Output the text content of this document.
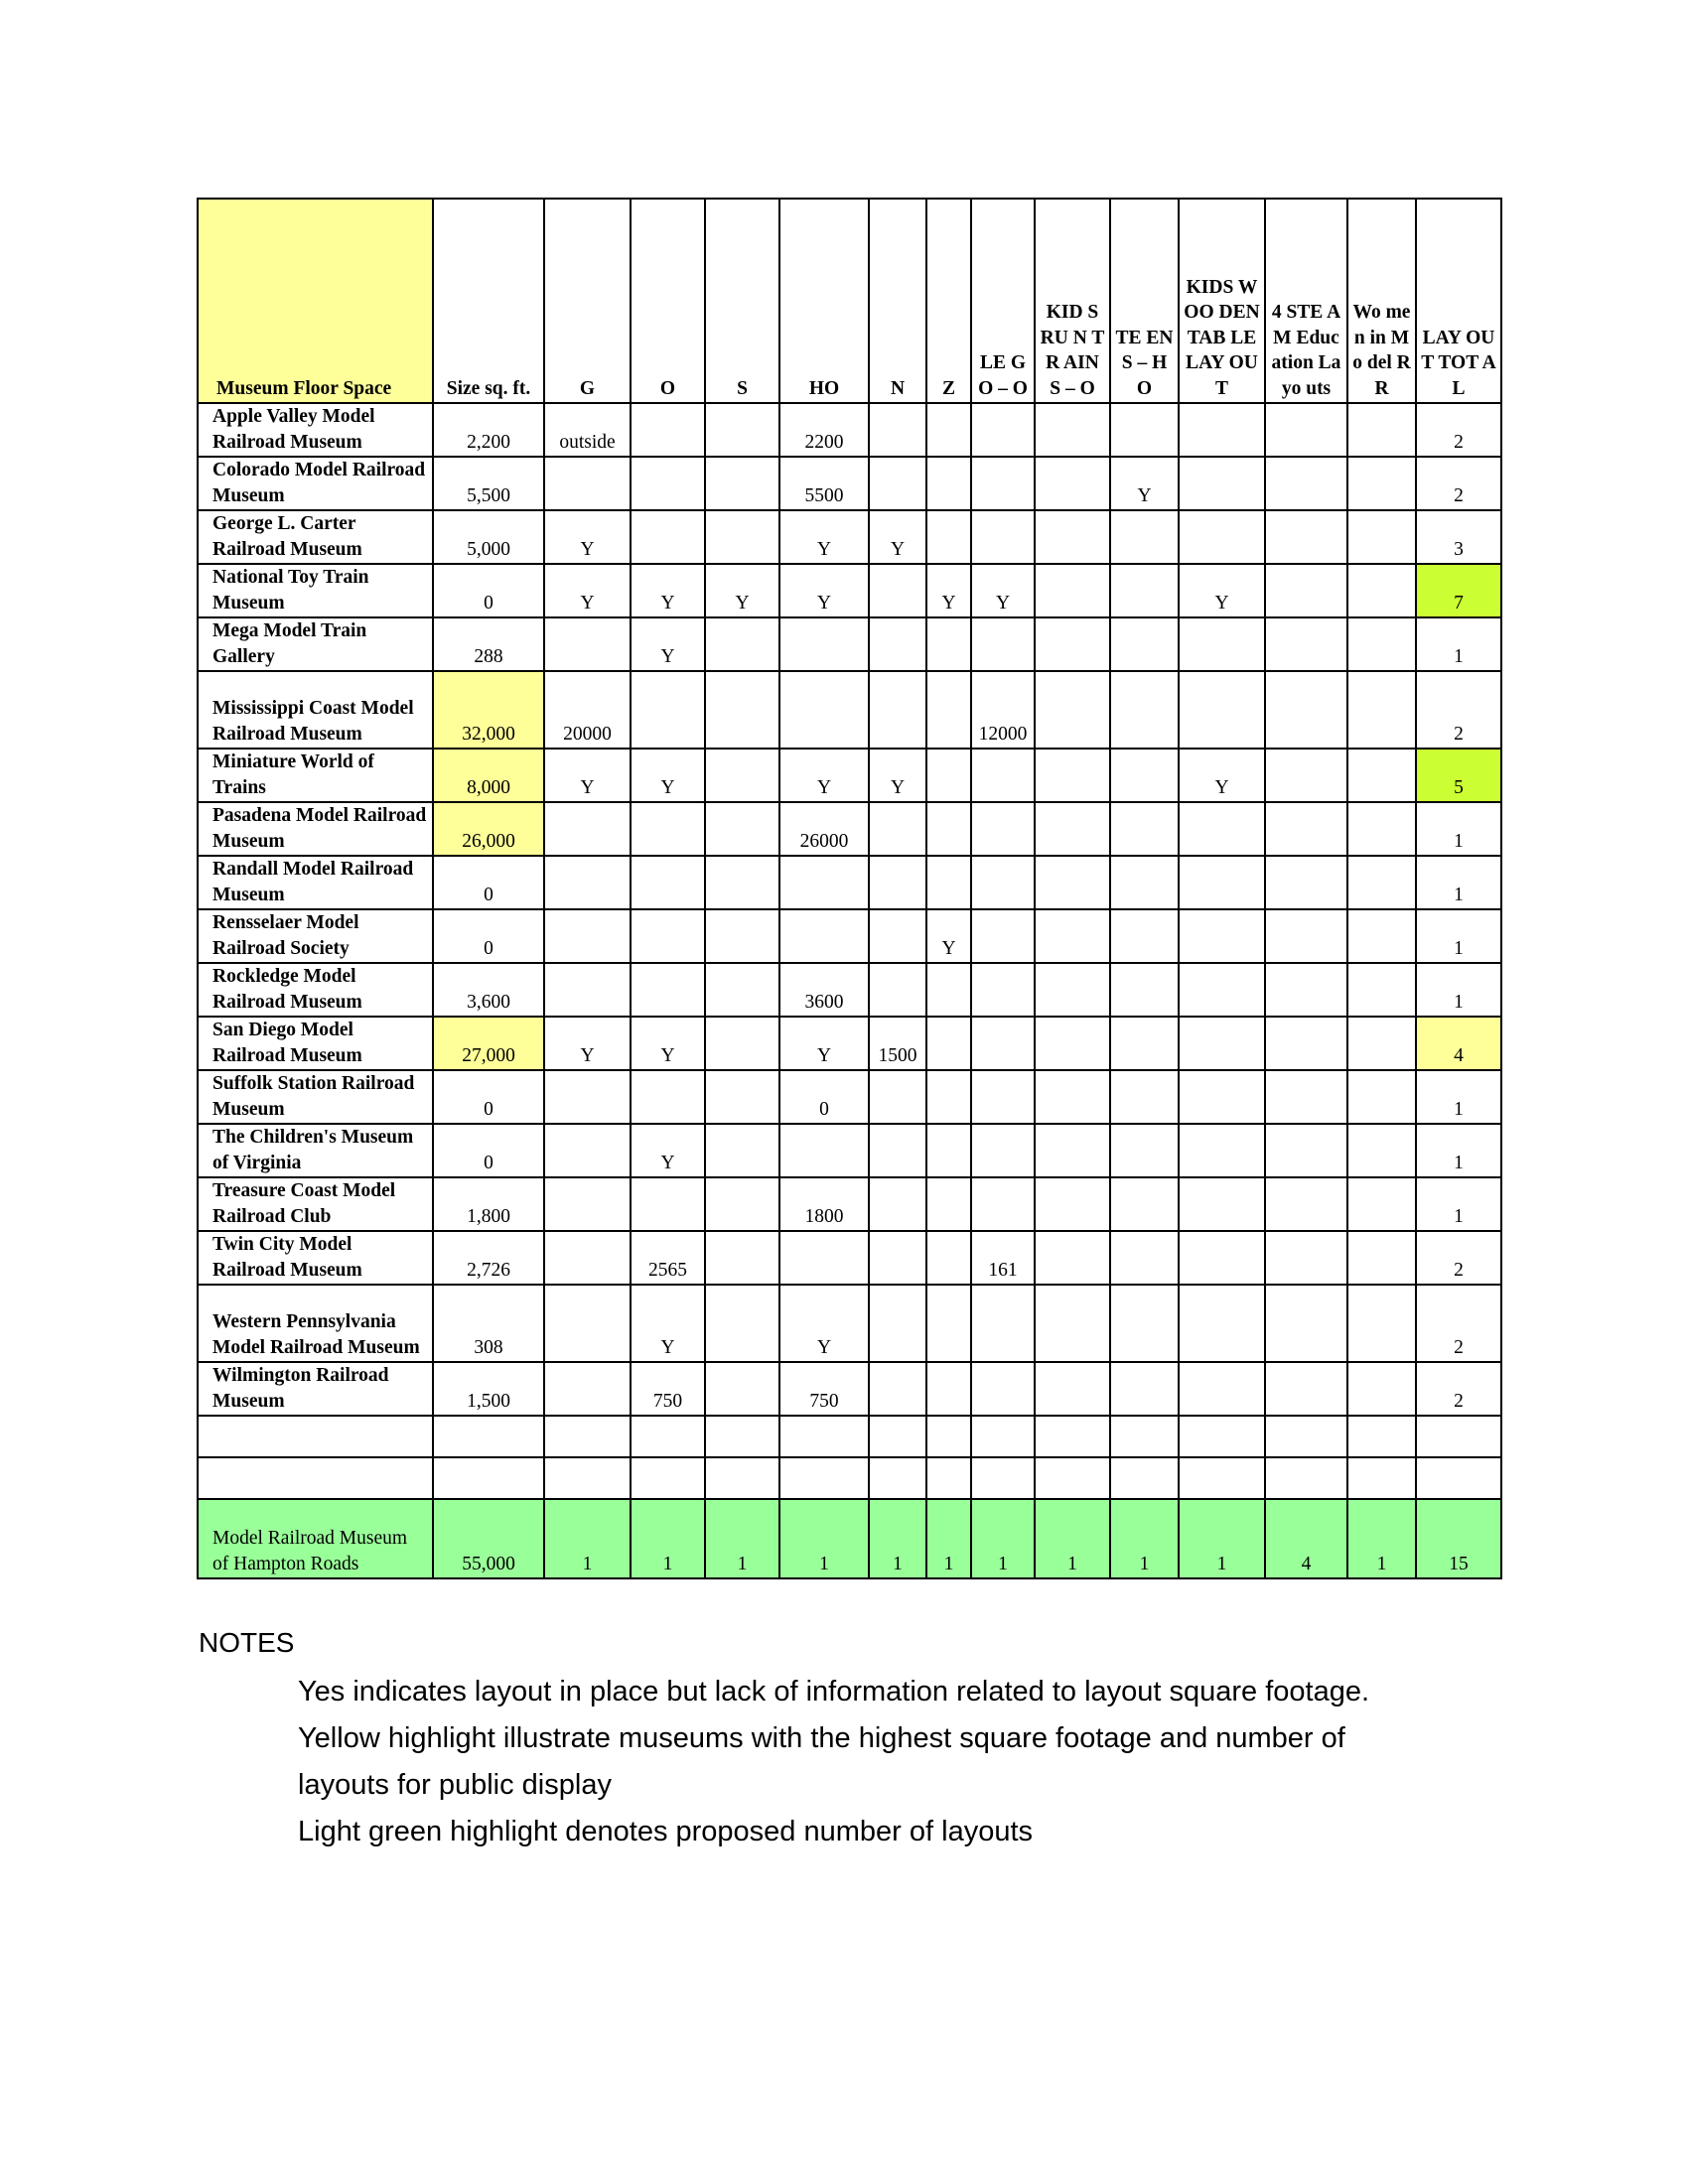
Museum Floor Space	Size sq. ft.	G	O	S	HO	N	Z	LE GO – O	KID S RU N TR AIN S – O	TE EN S – HO	KIDS WOO DEN TAB LE LAY OUT	4 STE AM Educ ation Layo uts	Wo me n in Mo del RR	LAY OUT TOT AL
Apple Valley Model Railroad Museum	2,200	outside			2200									2
Colorado Model Railroad Museum	5,500				5500					Y				2
George L. Carter Railroad Museum	5,000	Y			Y	Y								3
National Toy Train Museum	0	Y	Y	Y	Y		Y	Y			Y			7
Mega Model Train Gallery	288		Y											1
Mississippi Coast Model Railroad Museum	32,000	20000						12000						2
Miniature World of Trains	8,000	Y	Y		Y	Y					Y			5
Pasadena Model Railroad Museum	26,000				26000									1
Randall Model Railroad Museum	0													1
Rensselaer Model Railroad Society	0						Y							1
Rockledge Model Railroad Museum	3,600				3600									1
San Diego Model Railroad Museum	27,000	Y	Y		Y	1500								4
Suffolk Station Railroad Museum	0				0									1
The Children's Museum of Virginia	0		Y											1
Treasure Coast Model Railroad Club	1,800				1800									1
Twin City Model Railroad Museum	2,726		2565					161						2
Western Pennsylvania Model Railroad Museum	308		Y		Y									2
Wilmington Railroad Museum	1,500		750		750									2

Model Railroad Museum of Hampton Roads	55,000	1	1	1	1	1	1	1	1	1	1	4	1	15
NOTES
Yes indicates layout in place but lack of information related to layout square footage.
Yellow highlight illustrate museums with the highest square footage and number of layouts for public display
Light green highlight denotes proposed number of layouts
